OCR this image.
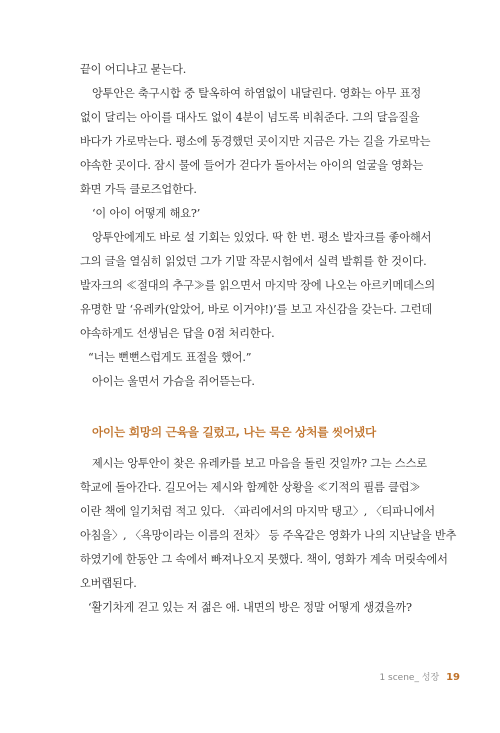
끝이 어디냐고 묻는다.

앙투안은 축구시합 중 탈옥하여 하염없이 내달린다. 영화는 아무 표정
없이 달리는 아이를 대사도 없이 4분이 넘도록 비춰준다. 그의 달음질을
바다가 가로막는다. 평소에 동경했던 곳이지만 지금은 가는 길을 가로막는
야속한 곳이다. 잠시 물에 들어가 걷다가 돌아서는 아이의 얼굴을 영화는
화면 가득 클로즈업한다.

‘이 아이 어떻게 해요?’

앙투안에게도 바로 설 기회는 있었다. 딱 한 번. 평소 발자크를 좋아해서
그의 글을 열심히 읽었던 그가 기말 작문시험에서 실력 발휘를 한 것이다.
발자크의 ≪절대의 추구≫를 읽으면서 마지막 장에 나오는 아르키메데스의
유명한 말 ‘유레카(알았어, 바로 이거야!)’를 보고 자신감을 갖는다. 그런데
야속하게도 선생님은 답을 0점 처리한다.

“너는 뻔뻔스럽게도 표절을 했어.”

아이는 울면서 가슴을 쥐어뜯는다.

아이는 희망의 근육을 길렀고, 나는 묵은 상처를 씻어냈다

제시는 앙투안이 찾은 유레카를 보고 마음을 돌린 것일까? 그는 스스로
학교에 돌아간다. 길모어는 제시와 함께한 상황을 ≪기적의 필름 클럽≫
이란 책에 일기처럼 적고 있다. 〈파리에서의 마지막 탱고〉, 〈티파니에서
아침을〉, 〈욕망이라는 이름의 전차〉 등 주옥같은 영화가 나의 지난날을 반추
하였기에 한동안 그 속에서 빠져나오지 못했다. 책이, 영화가 계속 머릿속에서
오버랩된다.

‘활기차게 걷고 있는 저 젊은 애. 내면의 방은 정말 어떻게 생겼을까?

1 scene_ 성장 19
